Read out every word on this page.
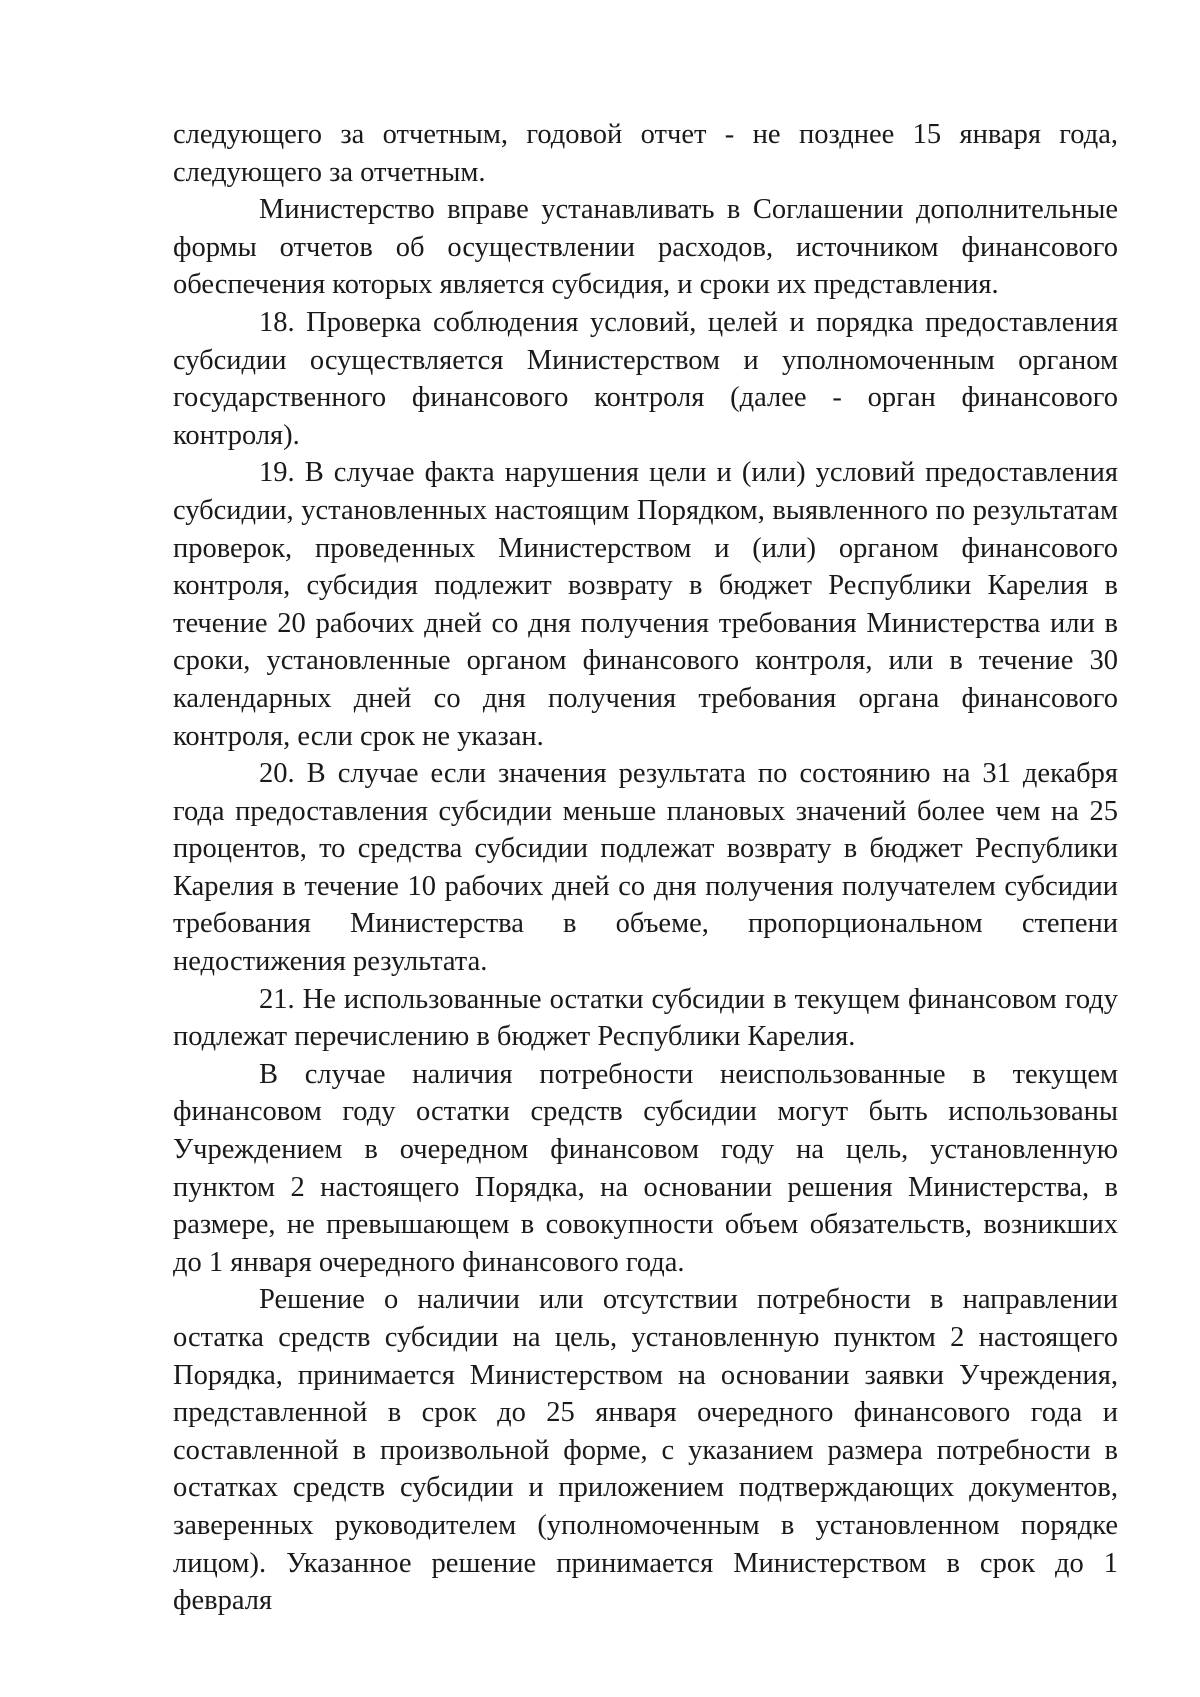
следующего за отчетным, годовой отчет - не позднее 15 января года, следующего за отчетным.

Министерство вправе устанавливать в Соглашении дополнительные формы отчетов об осуществлении расходов, источником финансового обеспечения которых является субсидия, и сроки их представления.

18. Проверка соблюдения условий, целей и порядка предоставления субсидии осуществляется Министерством и уполномоченным органом государственного финансового контроля (далее - орган финансового контроля).

19. В случае факта нарушения цели и (или) условий предоставления субсидии, установленных настоящим Порядком, выявленного по результатам проверок, проведенных Министерством и (или) органом финансового контроля, субсидия подлежит возврату в бюджет Республики Карелия в течение 20 рабочих дней со дня получения требования Министерства или в сроки, установленные органом финансового контроля, или в течение 30 календарных дней со дня получения требования органа финансового контроля, если срок не указан.

20. В случае если значения результата по состоянию на 31 декабря года предоставления субсидии меньше плановых значений более чем на 25 процентов, то средства субсидии подлежат возврату в бюджет Республики Карелия в течение 10 рабочих дней со дня получения получателем субсидии требования Министерства в объеме, пропорциональном степени недостижения результата.

21. Не использованные остатки субсидии в текущем финансовом году подлежат перечислению в бюджет Республики Карелия.

В случае наличия потребности неиспользованные в текущем финансовом году остатки средств субсидии могут быть использованы Учреждением в очередном финансовом году на цель, установленную пунктом 2 настоящего Порядка, на основании решения Министерства, в размере, не превышающем в совокупности объем обязательств, возникших до 1 января очередного финансового года.

Решение о наличии или отсутствии потребности в направлении остатка средств субсидии на цель, установленную пунктом 2 настоящего Порядка, принимается Министерством на основании заявки Учреждения, представленной в срок до 25 января очередного финансового года и составленной в произвольной форме, с указанием размера потребности в остатках средств субсидии и приложением подтверждающих документов, заверенных руководителем (уполномоченным в установленном порядке лицом). Указанное решение принимается Министерством в срок до 1 февраля
